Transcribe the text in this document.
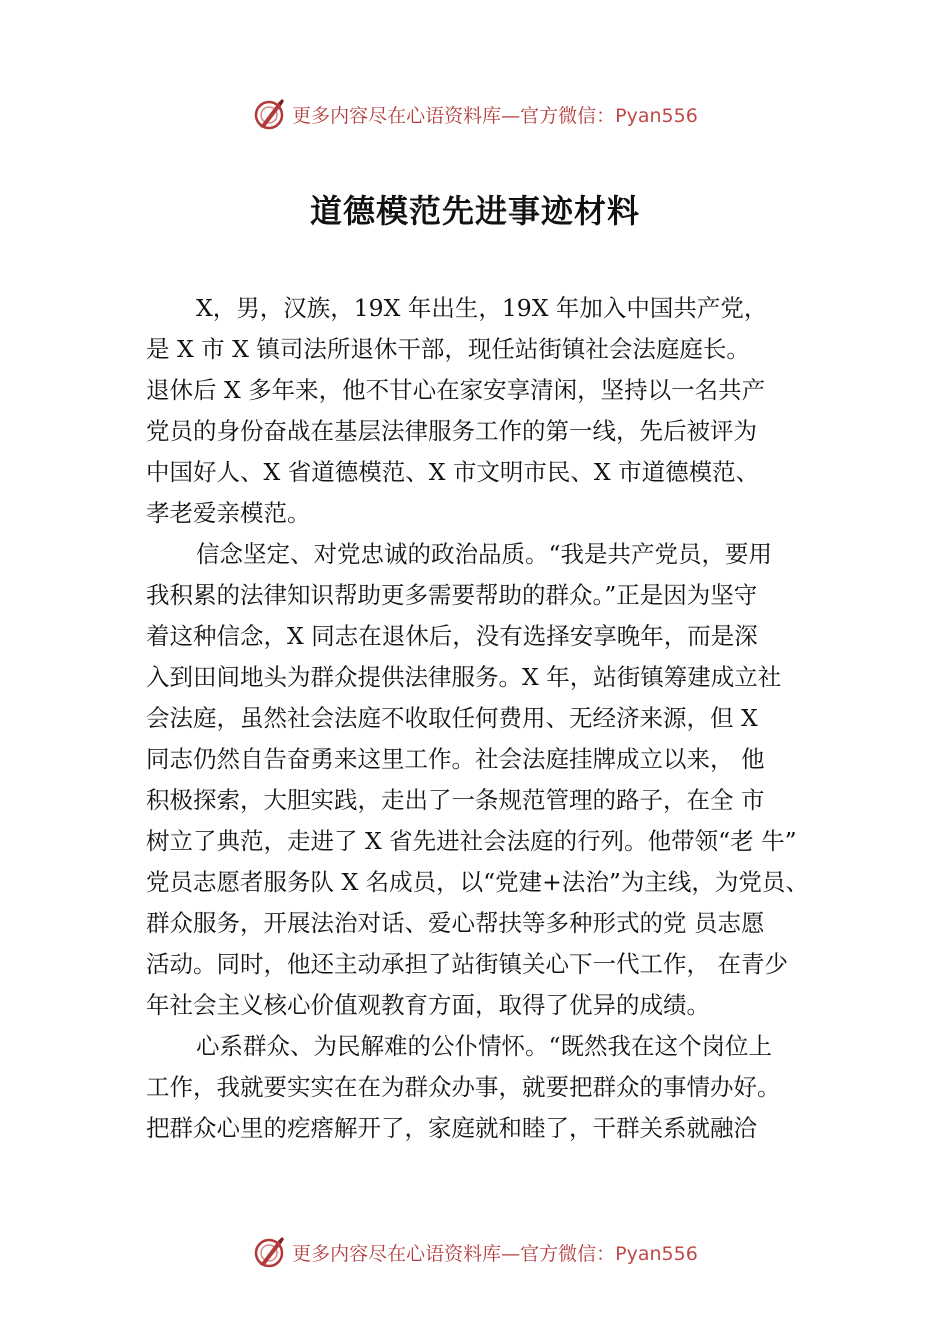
更多内容尽在心语资料库—官方微信：Pyan556
道德模范先进事迹材料
X，男，汉族，19X 年出生，19X 年加入中国共产党，
是 X 市 X 镇司法所退休干部，现任站街镇社会法庭庭长。
退休后 X 多年来，他不甘心在家安享清闲，坚持以一名共产
党员的身份奋战在基层法律服务工作的第一线，先后被评为
中国好人、X 省道德模范、X 市文明市民、X 市道德模范、
孝老爱亲模范。
信念坚定、对党忠诚的政治品质。“我是共产党员，要用
我积累的法律知识帮助更多需要帮助的群众。”正是因为坚守
着这种信念，X 同志在退休后，没有选择安享晚年，而是深
入到田间地头为群众提供法律服务。X 年，站街镇筹建成立社
会法庭，虽然社会法庭不收取任何费用、无经济来源，但 X
同志仍然自告奋勇来这里工作。社会法庭挂牌成立以来， 他
积极探索，大胆实践，走出了一条规范管理的路子，在全 市
树立了典范，走进了 X 省先进社会法庭的行列。他带领“老 牛”
党员志愿者服务队 X 名成员，以“党建+法治”为主线，为党员、
群众服务，开展法治对话、爱心帮扶等多种形式的党 员志愿
活动。同时，他还主动承担了站街镇关心下一代工作， 在青少
年社会主义核心价值观教育方面，取得了优异的成绩。
心系群众、为民解难的公仆情怀。“既然我在这个岗位上
工作，我就要实实在在为群众办事，就要把群众的事情办好。
把群众心里的疙瘩解开了，家庭就和睦了，干群关系就融洽
更多内容尽在心语资料库—官方微信：Pyan556
